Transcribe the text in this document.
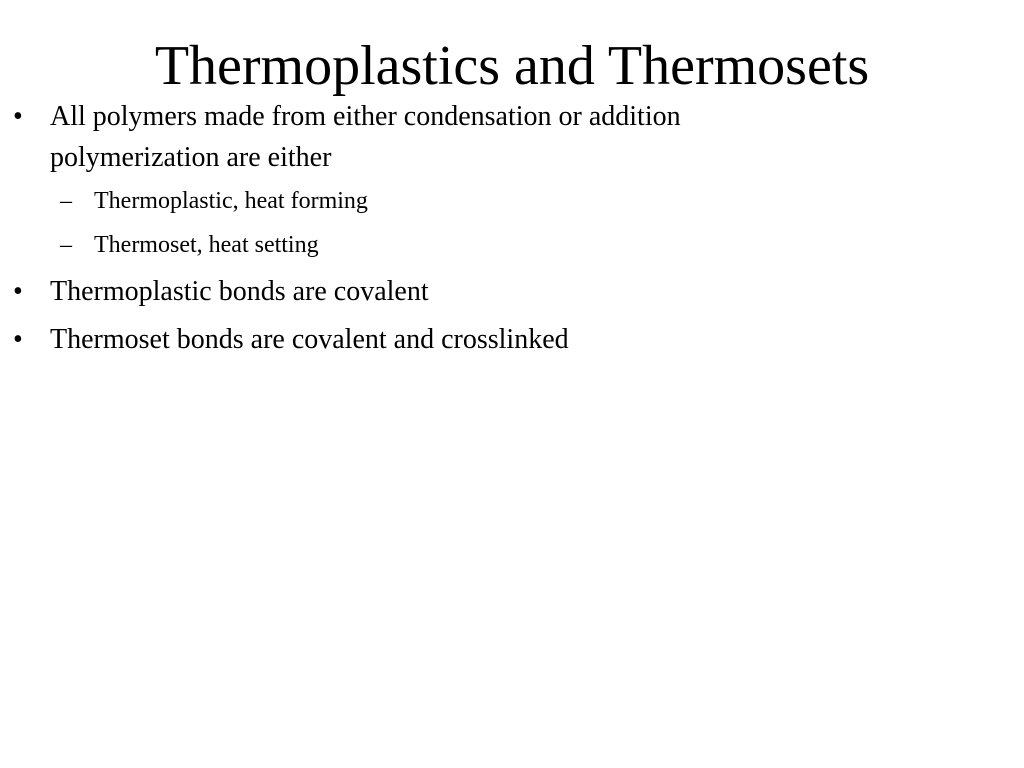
Thermoplastics and Thermosets
• All polymers made from either condensation or addition polymerization are either
– Thermoplastic, heat forming
– Thermoset, heat setting
• Thermoplastic bonds are covalent
• Thermoset bonds are covalent and crosslinked
